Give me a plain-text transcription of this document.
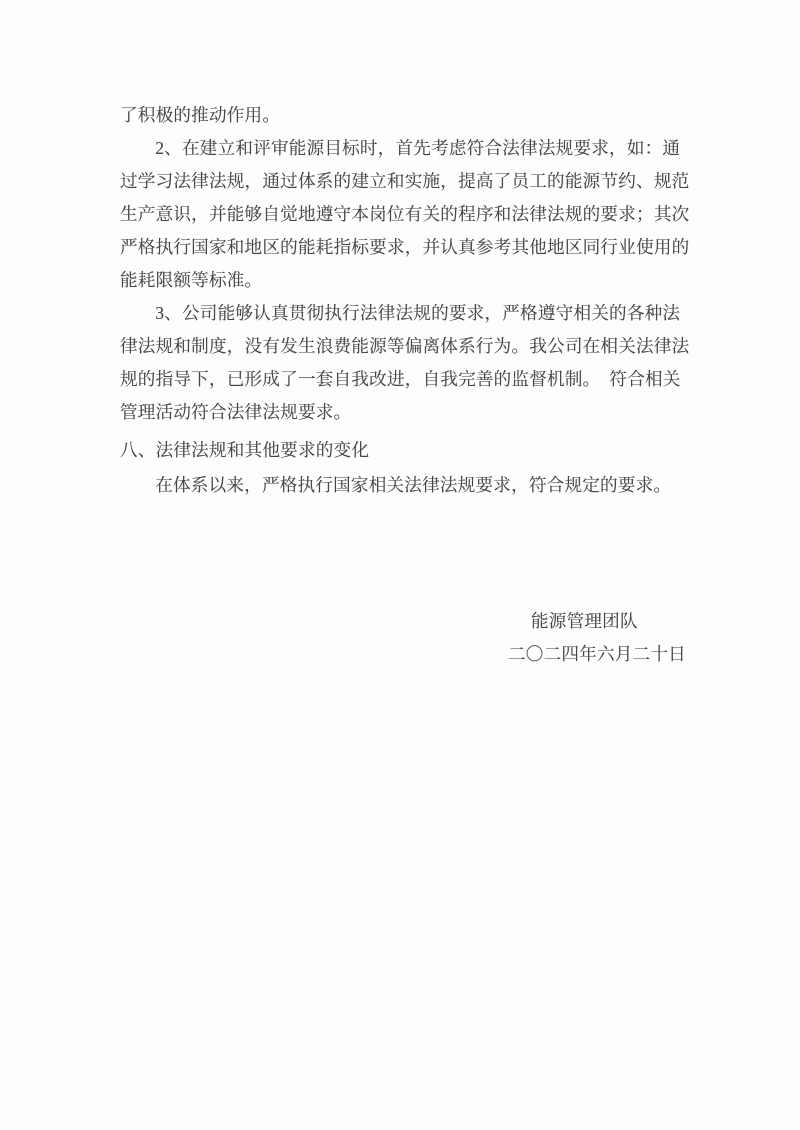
了积极的推动作用。
2、在建立和评审能源目标时，首先考虑符合法律法规要求，如：通
过学习法律法规，通过体系的建立和实施，提高了员工的能源节约、规范
生产意识，并能够自觉地遵守本岗位有关的程序和法律法规的要求；其次
严格执行国家和地区的能耗指标要求，并认真参考其他地区同行业使用的
能耗限额等标准。
3、公司能够认真贯彻执行法律法规的要求，严格遵守相关的各种法
律法规和制度，没有发生浪费能源等偏离体系行为。我公司在相关法律法
规的指导下，已形成了一套自我改进，自我完善的监督机制。　符合相关
管理活动符合法律法规要求。
八、法律法规和其他要求的变化
在体系以来，严格执行国家相关法律法规要求，符合规定的要求。
能源管理团队
二〇二四年六月二十日
